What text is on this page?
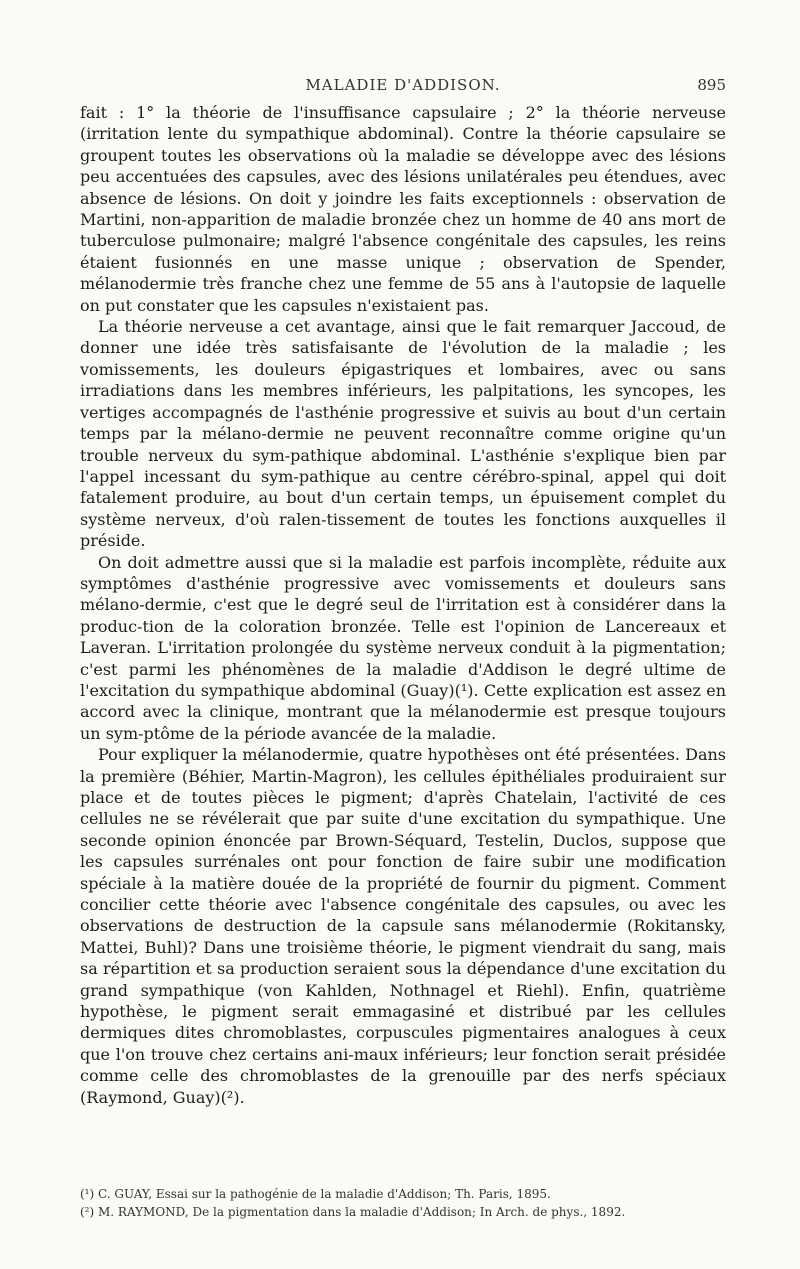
MALADIE D'ADDISON.	895

fait : 1° la théorie de l'insuffisance capsulaire ; 2° la théorie nerveuse (irritation lente du sympathique abdominal). Contre la théorie capsulaire se groupent toutes les observations où la maladie se développe avec des lésions peu accentuées des capsules, avec des lésions unilatérales peu étendues, avec absence de lésions. On doit y joindre les faits exceptionnels : observation de Martini, non-apparition de maladie bronzée chez un homme de 40 ans mort de tuberculose pulmonaire; malgré l'absence congénitale des capsules, les reins étaient fusionnés en une masse unique ; observation de Spender, mélanodermie très franche chez une femme de 55 ans à l'autopsie de laquelle on put constater que les capsules n'existaient pas.

La théorie nerveuse a cet avantage, ainsi que le fait remarquer Jaccoud, de donner une idée très satisfaisante de l'évolution de la maladie ; les vomissements, les douleurs épigastriques et lombaires, avec ou sans irradiations dans les membres inférieurs, les palpitations, les syncopes, les vertiges accompagnés de l'asthénie progressive et suivis au bout d'un certain temps par la mélano-dermie ne peuvent reconnaître comme origine qu'un trouble nerveux du sym-pathique abdominal. L'asthénie s'explique bien par l'appel incessant du sym-pathique au centre cérébro-spinal, appel qui doit fatalement produire, au bout d'un certain temps, un épuisement complet du système nerveux, d'où ralen-tissement de toutes les fonctions auxquelles il préside.

On doit admettre aussi que si la maladie est parfois incomplète, réduite aux symptômes d'asthénie progressive avec vomissements et douleurs sans mélano-dermie, c'est que le degré seul de l'irritation est à considérer dans la produc-tion de la coloration bronzée. Telle est l'opinion de Lancereaux et Laveran. L'irritation prolongée du système nerveux conduit à la pigmentation; c'est parmi les phénomènes de la maladie d'Addison le degré ultime de l'excitation du sympathique abdominal (Guay)(¹). Cette explication est assez en accord avec la clinique, montrant que la mélanodermie est presque toujours un sym-ptôme de la période avancée de la maladie.

Pour expliquer la mélanodermie, quatre hypothèses ont été présentées. Dans la première (Béhier, Martin-Magron), les cellules épithéliales produiraient sur place et de toutes pièces le pigment; d'après Chatelain, l'activité de ces cellules ne se révélerait que par suite d'une excitation du sympathique. Une seconde opinion énoncée par Brown-Séquard, Testelin, Duclos, suppose que les capsules surrénales ont pour fonction de faire subir une modification spéciale à la matière douée de la propriété de fournir du pigment. Comment concilier cette théorie avec l'absence congénitale des capsules, ou avec les observations de destruction de la capsule sans mélanodermie (Rokitansky, Mattei, Buhl)? Dans une troisième théorie, le pigment viendrait du sang, mais sa répartition et sa production seraient sous la dépendance d'une excitation du grand sympathique (von Kahlden, Nothnagel et Riehl). Enfin, quatrième hypothèse, le pigment serait emmagasiné et distribué par les cellules dermiques dites chromoblastes, corpuscules pigmentaires analogues à ceux que l'on trouve chez certains ani-maux inférieurs; leur fonction serait présidée comme celle des chromoblastes de la grenouille par des nerfs spéciaux (Raymond, Guay)(²).

(¹) C. GUAY, Essai sur la pathogénie de la maladie d'Addison; Th. Paris, 1895.
(²) M. RAYMOND, De la pigmentation dans la maladie d'Addison; In Arch. de phys., 1892.
